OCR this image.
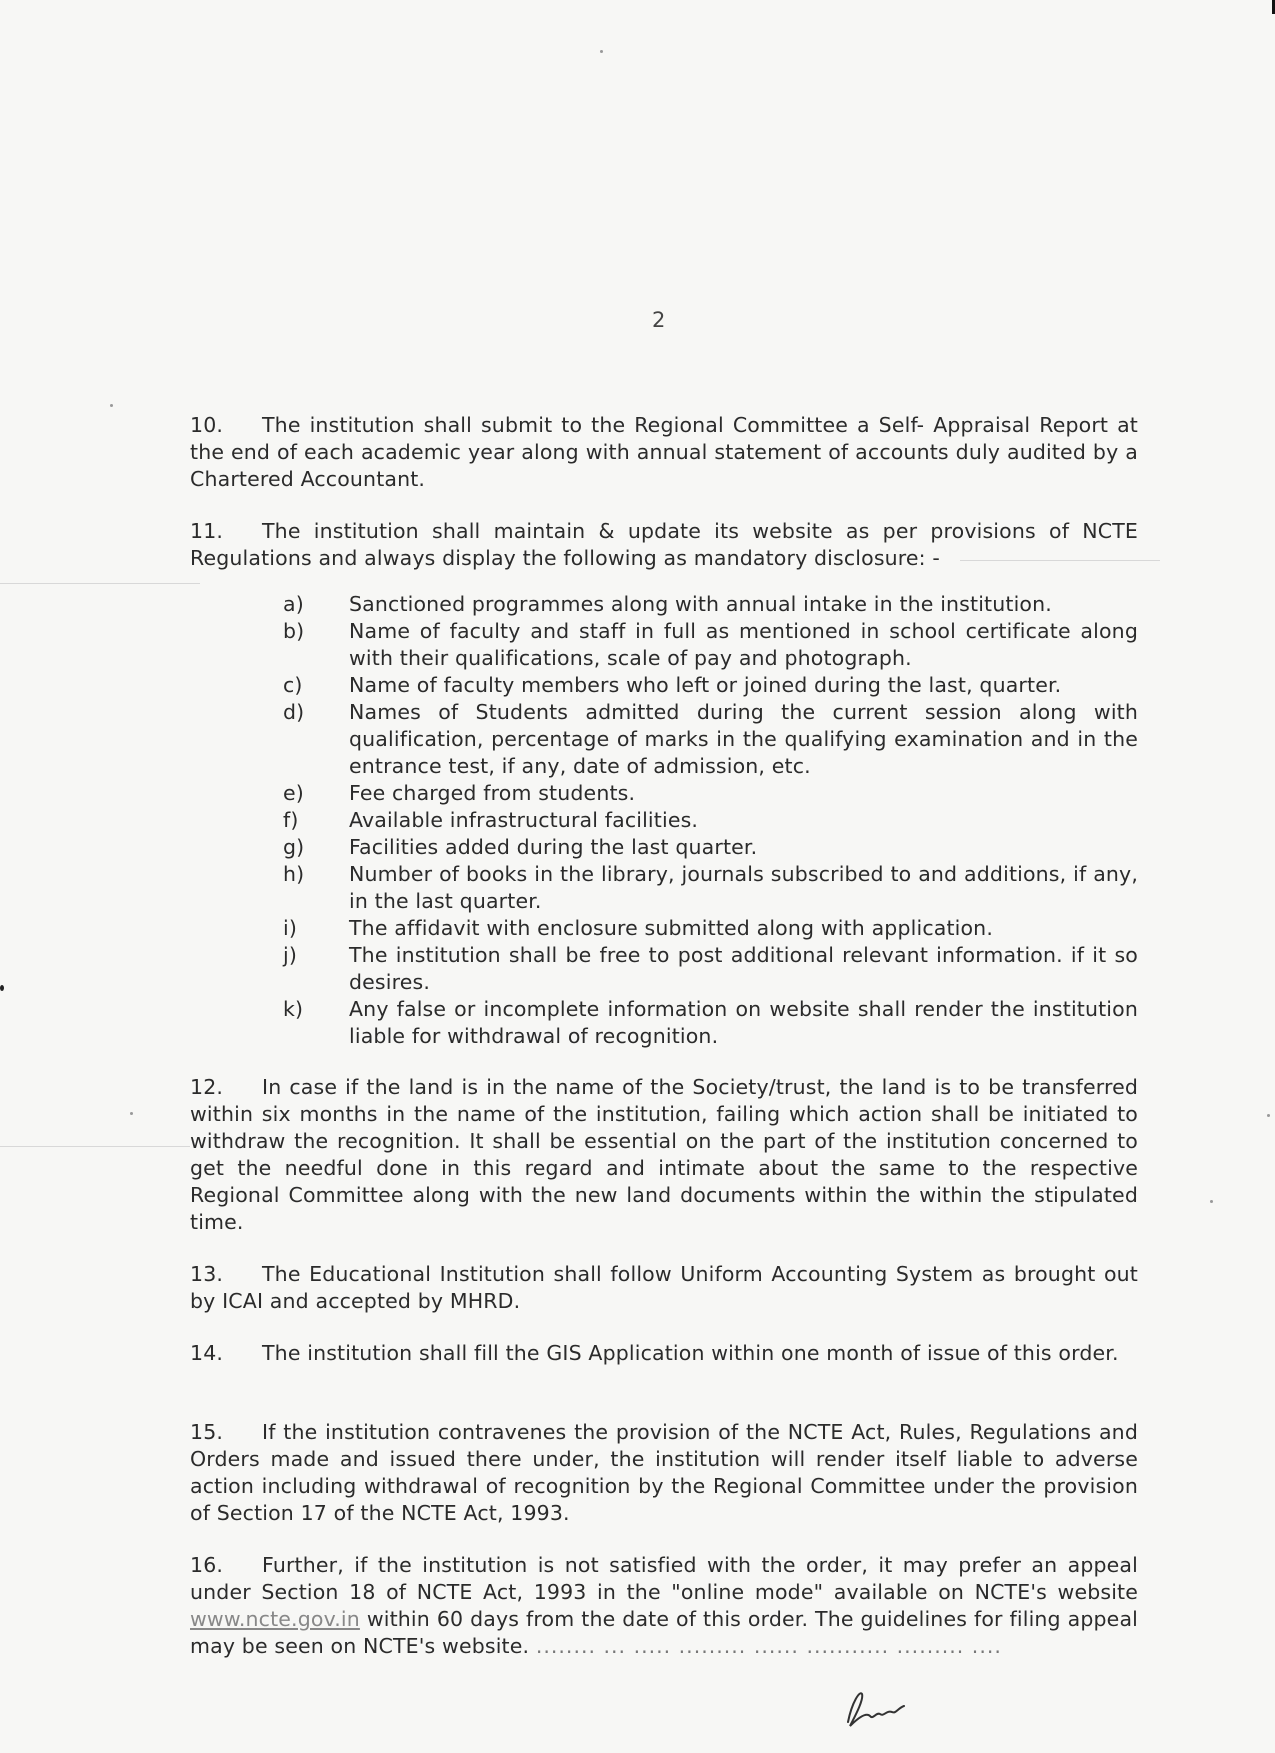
2

10. The institution shall submit to the Regional Committee a Self- Appraisal Report at the end of each academic year along with annual statement of accounts duly audited by a Chartered Accountant.

11. The institution shall maintain & update its website as per provisions of NCTE Regulations and always display the following as mandatory disclosure: -

a)	Sanctioned programmes along with annual intake in the institution.
b)	Name of faculty and staff in full as mentioned in school certificate along with their qualifications, scale of pay and photograph.
c)	Name of faculty members who left or joined during the last, quarter.
d)	Names of Students admitted during the current session along with qualification, percentage of marks in the qualifying examination and in the entrance test, if any, date of admission, etc.
e)	Fee charged from students.
f)	Available infrastructural facilities.
g)	Facilities added during the last quarter.
h)	Number of books in the library, journals subscribed to and additions, if any, in the last quarter.
i)	The affidavit with enclosure submitted along with application.
j)	The institution shall be free to post additional relevant information. if it so desires.
k)	Any false or incomplete information on website shall render the institution liable for withdrawal of recognition.

12. In case if the land is in the name of the Society/trust, the land is to be transferred within six months in the name of the institution, failing which action shall be initiated to withdraw the recognition. It shall be essential on the part of the institution concerned to get the needful done in this regard and intimate about the same to the respective Regional Committee along with the new land documents within the within the stipulated time.

13. The Educational Institution shall follow Uniform Accounting System as brought out by ICAI and accepted by MHRD.

14. The institution shall fill the GIS Application within one month of issue of this order.

15. If the institution contravenes the provision of the NCTE Act, Rules, Regulations and Orders made and issued there under, the institution will render itself liable to adverse action including withdrawal of recognition by the Regional Committee under the provision of Section 17 of the NCTE Act, 1993.

16. Further, if the institution is not satisfied with the order, it may prefer an appeal under Section 18 of NCTE Act, 1993 in the "online mode" available on NCTE's website www.ncte.gov.in within 60 days from the date of this order. The guidelines for filing appeal may be seen on NCTE's website. ........ ... ..... ......... ...... ........... ......... ....
